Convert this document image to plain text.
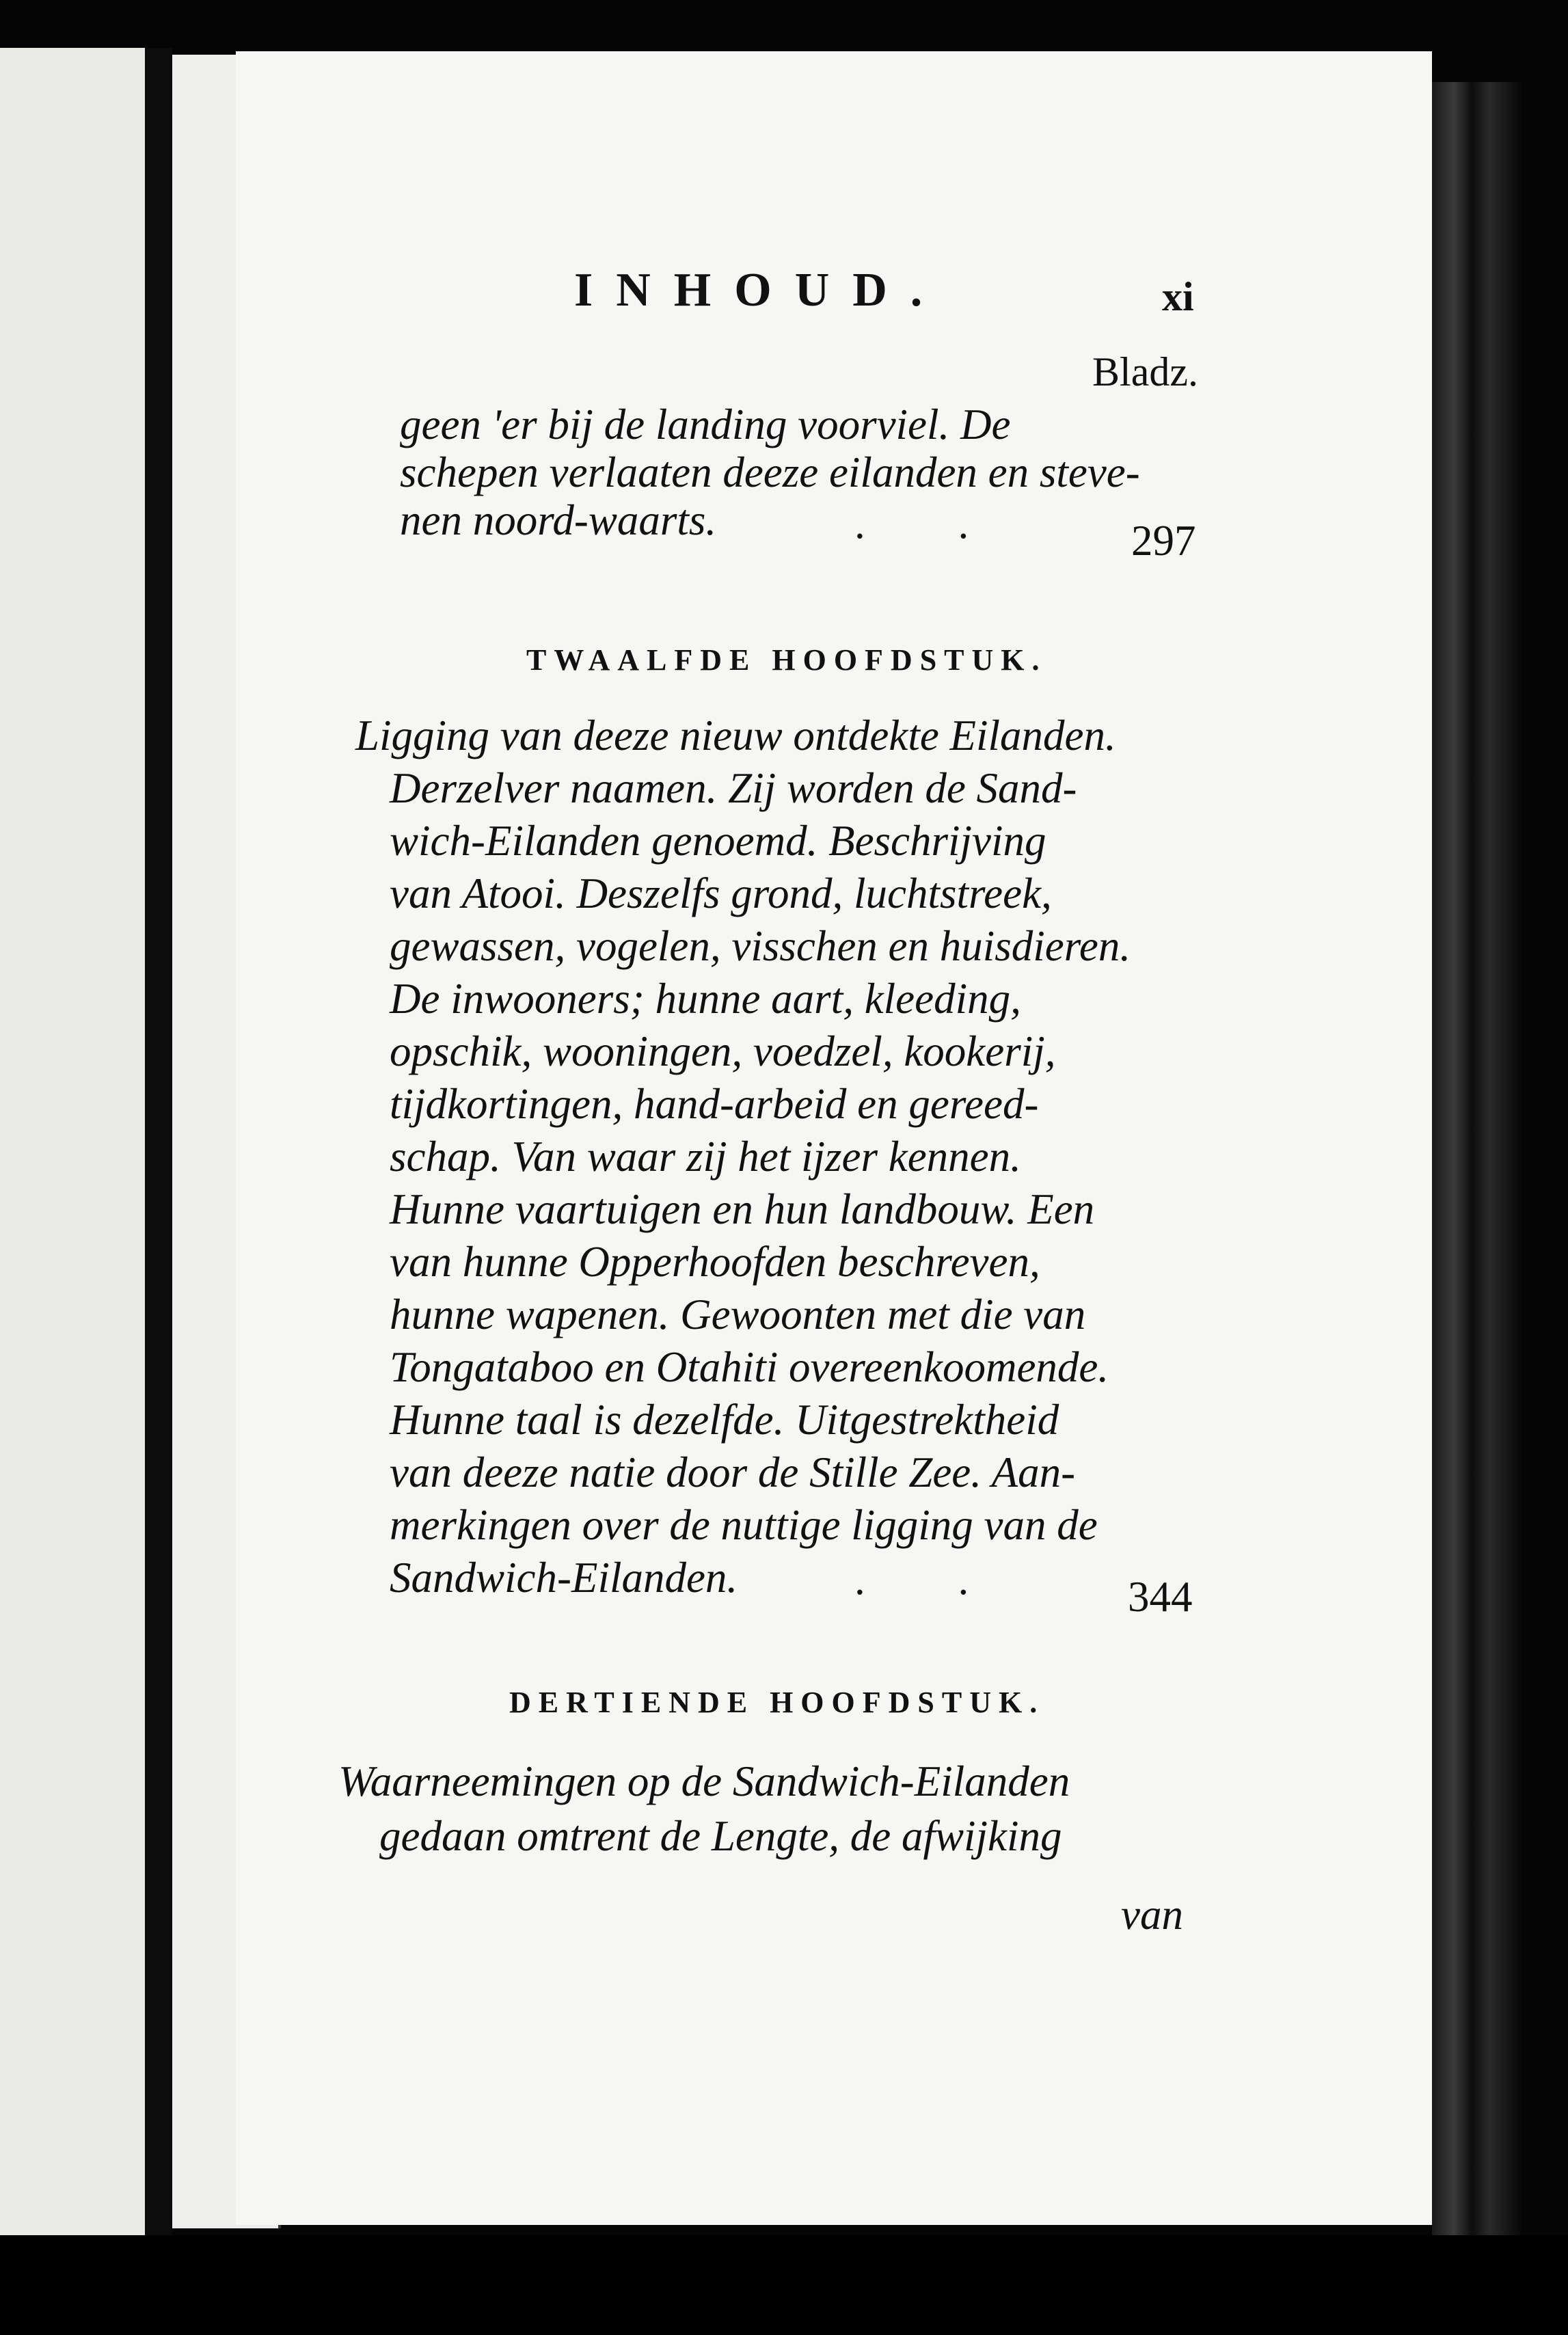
INHOUD.	xi
Bladz.
geen 'er bij de landing voorviel. De
schepen verlaaten deeze eilanden en steve-
nen noord-waarts.	. .	297
TWAALFDE HOOFDSTUK.
Ligging van deeze nieuw ontdekte Eilanden.
Derzelver naamen. Zij worden de Sand-
wich-Eilanden genoemd. Beschrijving
van Atooi. Deszelfs grond, luchtstreek,
gewassen, vogelen, visschen en huisdieren.
De inwooners; hunne aart, kleeding,
opschik, wooningen, voedzel, kookerij,
tijdkortingen, hand-arbeid en gereed-
schap. Van waar zij het ijzer kennen.
Hunne vaartuigen en hun landbouw. Een
van hunne Opperhoofden beschreven,
hunne wapenen. Gewoonten met die van
Tongataboo en Otahiti overeenkoomende.
Hunne taal is dezelfde. Uitgestrektheid
van deeze natie door de Stille Zee. Aan-
merkingen over de nuttige ligging van de
Sandwich-Eilanden.	. .	344
DERTIENDE HOOFDSTUK.
Waarneemingen op de Sandwich-Eilanden
gedaan omtrent de Lengte, de afwijking
van
